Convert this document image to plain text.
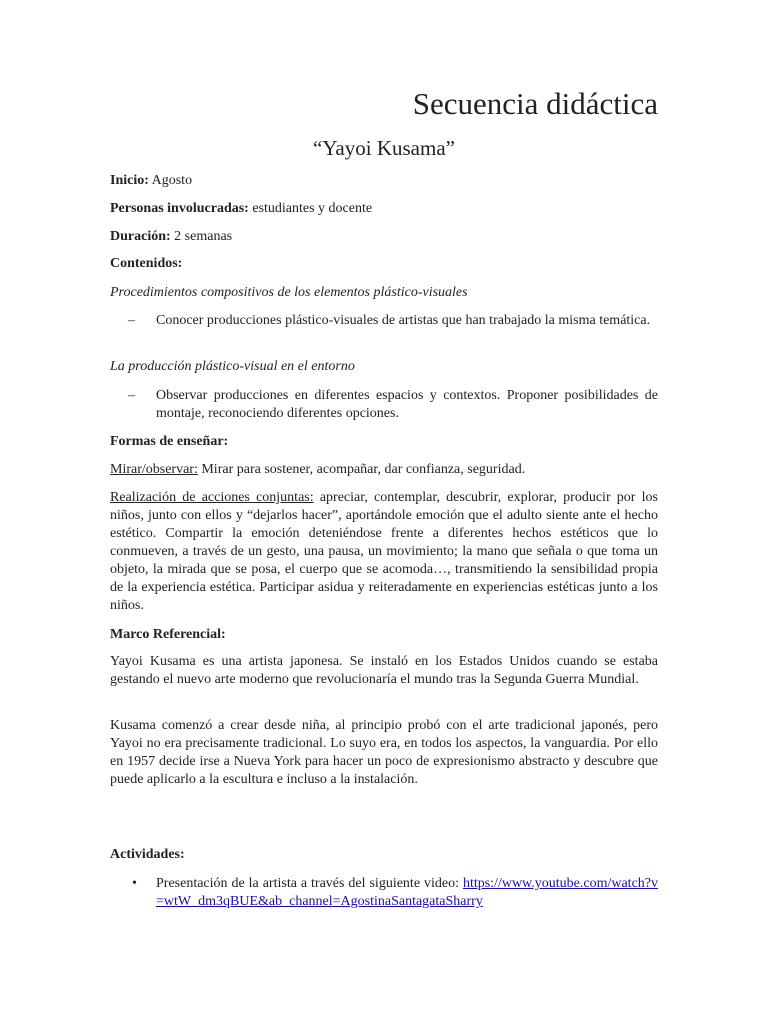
Secuencia didáctica
“Yayoi Kusama”

Inicio: Agosto

Personas involucradas: estudiantes y docente

Duración: 2 semanas

Contenidos:

Procedimientos compositivos de los elementos plástico-visuales

–	Conocer producciones plástico-visuales de artistas que han trabajado la misma temática.

La producción plástico-visual en el entorno

–	Observar producciones en diferentes espacios y contextos. Proponer posibilidades de montaje, reconociendo diferentes opciones.

Formas de enseñar:

Mirar/observar: Mirar para sostener, acompañar, dar confianza, seguridad.

Realización de acciones conjuntas: apreciar, contemplar, descubrir, explorar, producir por los niños, junto con ellos y “dejarlos hacer”, aportándole emoción que el adulto siente ante el hecho estético. Compartir la emoción deteniéndose frente a diferentes hechos estéticos que lo conmueven, a través de un gesto, una pausa, un movimiento; la mano que señala o que toma un objeto, la mirada que se posa, el cuerpo que se acomoda…, transmitiendo la sensibilidad propia de la experiencia estética. Participar asidua y reiteradamente en experiencias estéticas junto a los niños.

Marco Referencial:

Yayoi Kusama es una artista japonesa. Se instaló en los Estados Unidos cuando se estaba gestando el nuevo arte moderno que revolucionaría el mundo tras la Segunda Guerra Mundial.

Kusama comenzó a crear desde niña, al principio probó con el arte tradicional japonés, pero Yayoi no era precisamente tradicional. Lo suyo era, en todos los aspectos, la vanguardia. Por ello en 1957 decide irse a Nueva York para hacer un poco de expresionismo abstracto y descubre que puede aplicarlo a la escultura e incluso a la instalación.

Actividades:

•	Presentación de la artista a través del siguiente video: https://www.youtube.com/watch?v=wtW_dm3qBUE&ab_channel=AgostinaSantagataSharry
